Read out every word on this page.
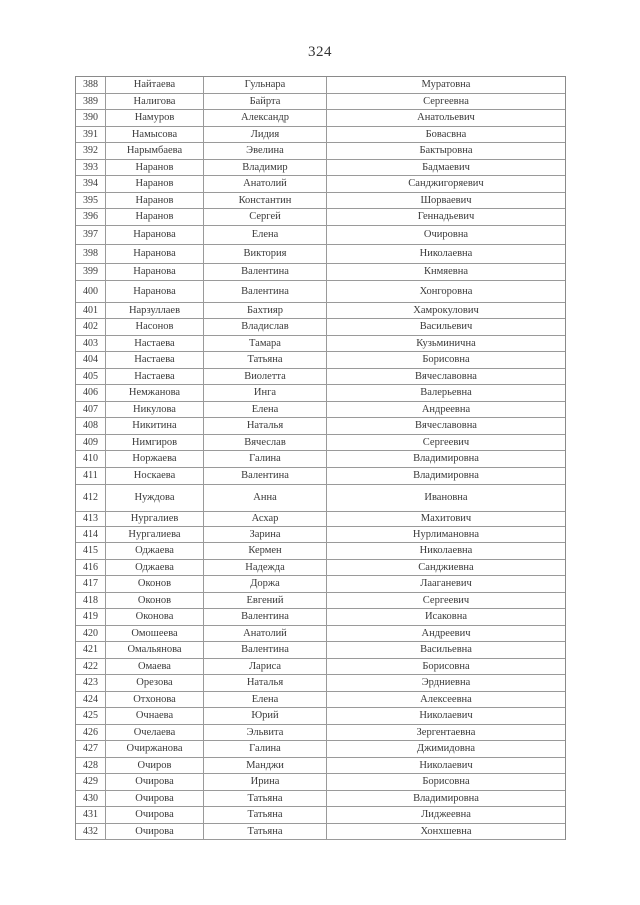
324
388	Найтаева	Гульнара	Муратовна
389	Налигова	Байрта	Сергеевна
390	Намуров	Александр	Анатольевич
391	Намысова	Лидия	Бовасвна
392	Нарымбаева	Эвелина	Бактыровна
393	Наранов	Владимир	Бадмаевич
394	Наранов	Анатолий	Санджигоряевич
395	Наранов	Константин	Шорваевич
396	Наранов	Сергей	Геннадьевич
397	Наранова	Елена	Очировна
398	Наранова	Виктория	Николаевна
399	Наранова	Валентина	Кнмяевна
400	Наранова	Валентина	Хонгоровна
401	Нарзуллаев	Бахтияр	Хамрокулович
402	Насонов	Владислав	Васильевич
403	Настаева	Тамара	Кузьминична
404	Настаева	Татьяна	Борисовна
405	Настаева	Виолетта	Вячеславовна
406	Немжанова	Инга	Валерьевна
407	Никулова	Елена	Андреевна
408	Никитина	Наталья	Вячеславовна
409	Нимгиров	Вячеслав	Сергеевич
410	Норжаева	Галина	Владимировна
411	Носкаева	Валентина	Владимировна
412	Нуждова	Анна	Ивановна
413	Нургалиев	Асхар	Махитович
414	Нургалиева	Зарина	Нурлимановна
415	Оджаева	Кермен	Николаевна
416	Оджаева	Надежда	Санджиевна
417	Оконов	Доржа	Лааганевич
418	Оконов	Евгений	Сергеевич
419	Оконова	Валентина	Исаковна
420	Омошеева	Анатолий	Андреевич
421	Омальянова	Валентина	Васильевна
422	Омаева	Лариса	Борисовна
423	Орезова	Наталья	Эрдниевна
424	Отхонова	Елена	Алексеевна
425	Очнаева	Юрий	Николаевич
426	Очелаева	Эльвита	Зергентаевна
427	Очиржанова	Галина	Джимидовна
428	Очиров	Манджи	Николаевич
429	Очирова	Ирина	Борисовна
430	Очирова	Татьяна	Владимировна
431	Очирова	Татьяна	Лиджеевна
432	Очирова	Татьяна	Хонхшевна
